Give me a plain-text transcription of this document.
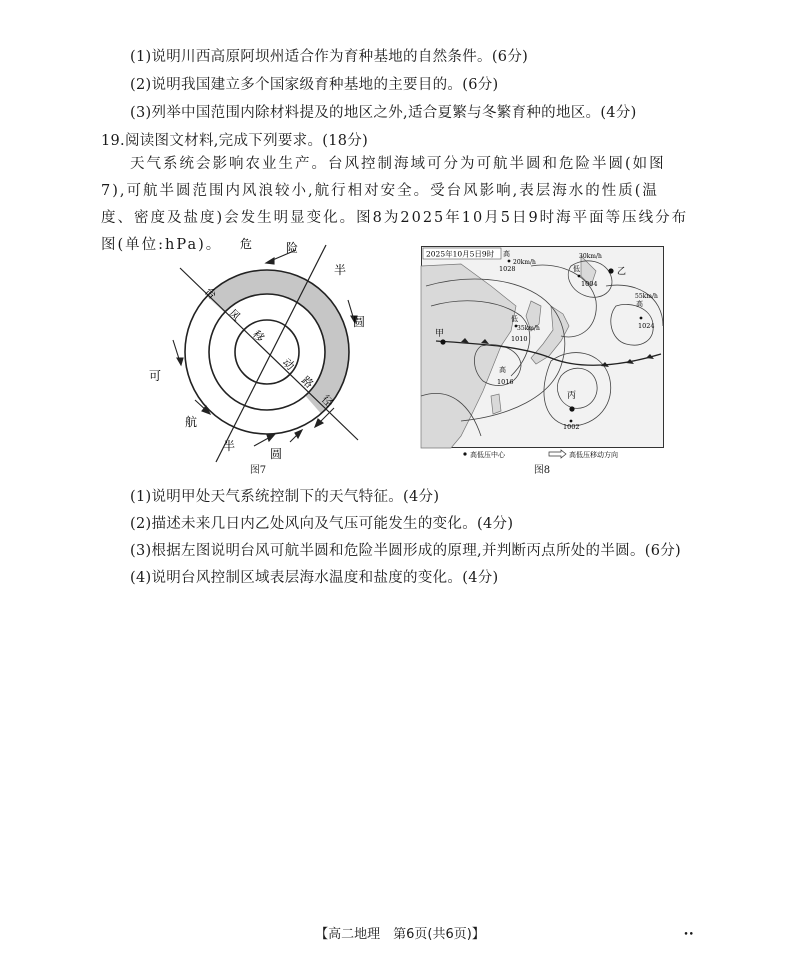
(1)说明川西高原阿坝州适合作为育种基地的自然条件。(6分)
(2)说明我国建立多个国家级育种基地的主要目的。(6分)
(3)列举中国范围内除材料提及的地区之外,适合夏繁与冬繁育种的地区。(4分)
19.阅读图文材料,完成下列要求。(18分)
天气系统会影响农业生产。台风控制海域可分为可航半圆和危险半圆(如图7),可航半圆范围内风浪较小,航行相对安全。受台风影响,表层海水的性质(温度、密度及盐度)会发生明显变化。图8为2025年10月5日9时海平面等压线分布图(单位:hPa)。	危	险
半
圆
可
航
半
圆
台
风
移
动
路
径
图7
2025年10月5日9时
甲
乙
丙
高
高
高
低
低
1028
1004
1010
1016
1024
1002
20km/h
30km/h
35km/h
55km/h
高低压中心	高低压移动方向
图8
(1)说明甲处天气系统控制下的天气特征。(4分)
(2)描述未来几日内乙处风向及气压可能发生的变化。(4分)
(3)根据左图说明台风可航半圆和危险半圆形成的原理,并判断丙点所处的半圆。(6分)
(4)说明台风控制区域表层海水温度和盐度的变化。(4分)
【高二地理　第6页(共6页)】	••
